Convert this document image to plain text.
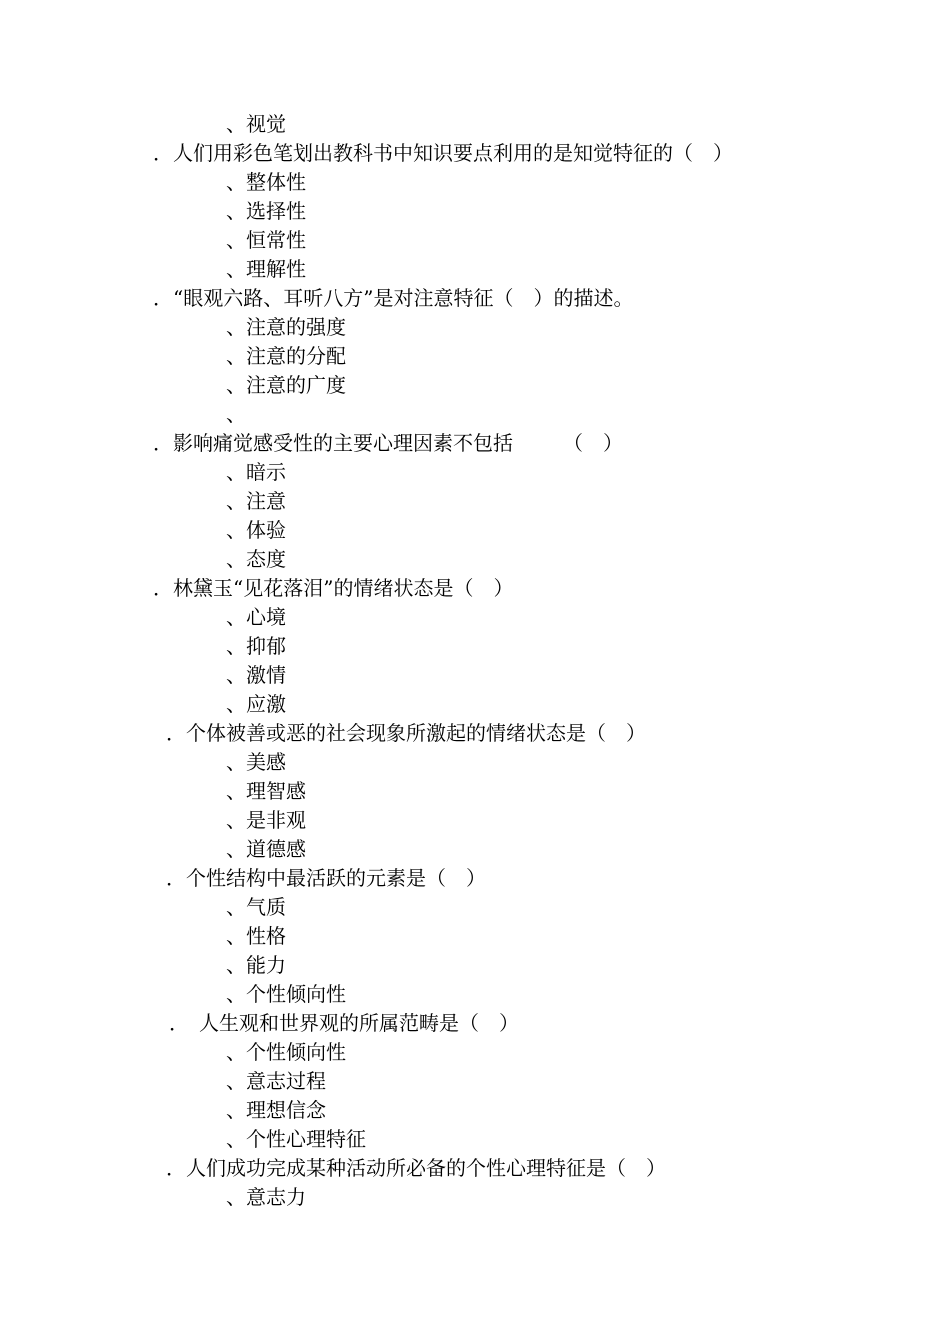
、视觉
．人们用彩色笔划出教科书中知识要点利用的是知觉特征的（　）
、整体性
、选择性
、恒常性
、理解性
．“眼观六路、耳听八方”是对注意特征（　）的描述。
、注意的强度
、注意的分配
、注意的广度
、
．影响痛觉感受性的主要心理因素不包括　　　（　）
、暗示
、注意
、体验
、态度
．林黛玉“见花落泪”的情绪状态是（　）
、心境
、抑郁
、激情
、应激
．个体被善或恶的社会现象所激起的情绪状态是（　）
、美感
、理智感
、是非观
、道德感
．个性结构中最活跃的元素是（　）
、气质
、性格
、能力
、个性倾向性
．　人生观和世界观的所属范畴是（　）
、个性倾向性
、意志过程
、理想信念
、个性心理特征
．人们成功完成某种活动所必备的个性心理特征是（　）
、意志力
